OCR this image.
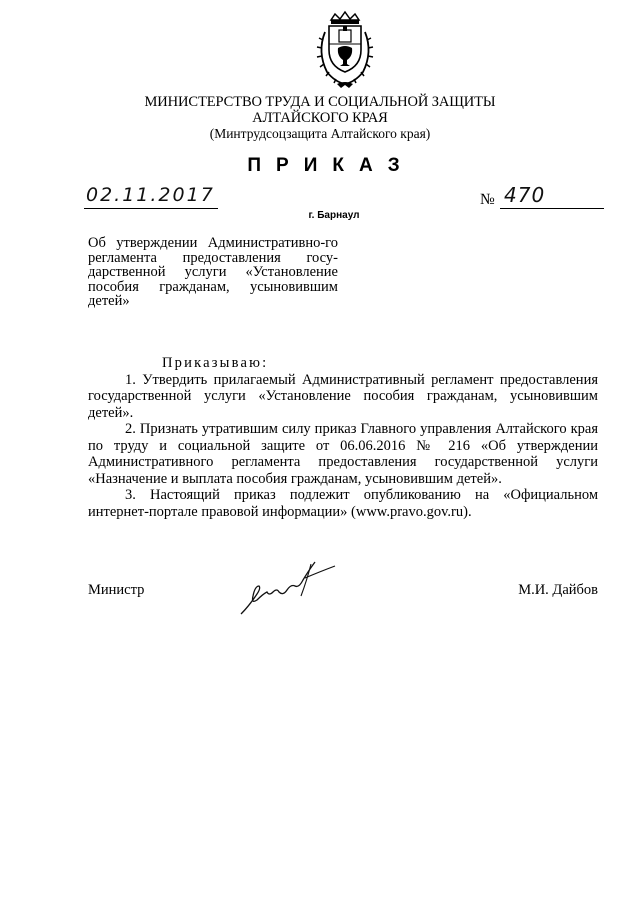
МИНИСТЕРСТВО ТРУДА И СОЦИАЛЬНОЙ ЗАЩИТЫ
АЛТАЙСКОГО КРАЯ
(Минтрудсоцзащита Алтайского края)
ПРИКАЗ
02.11.2017	№ 470
г. Барнаул
Об утверждении Административно-го регламента предоставления госу-дарственной услуги «Установление пособия гражданам, усыновившим детей»

Приказываю:

1. Утвердить прилагаемый Административный регламент предоставления государственной услуги «Установление пособия гражданам, усыновившим детей».

2. Признать утратившим силу приказ Главного управления Алтайского края по труду и социальной защите от 06.06.2016 № 216 «Об утверждении Административного регламента предоставления государственной услуги «Назначение и выплата пособия гражданам, усыновившим детей».

3. Настоящий приказ подлежит опубликованию на «Официальном интернет-портале правовой информации» (www.pravo.gov.ru).

Министр	М.И. Дайбов
